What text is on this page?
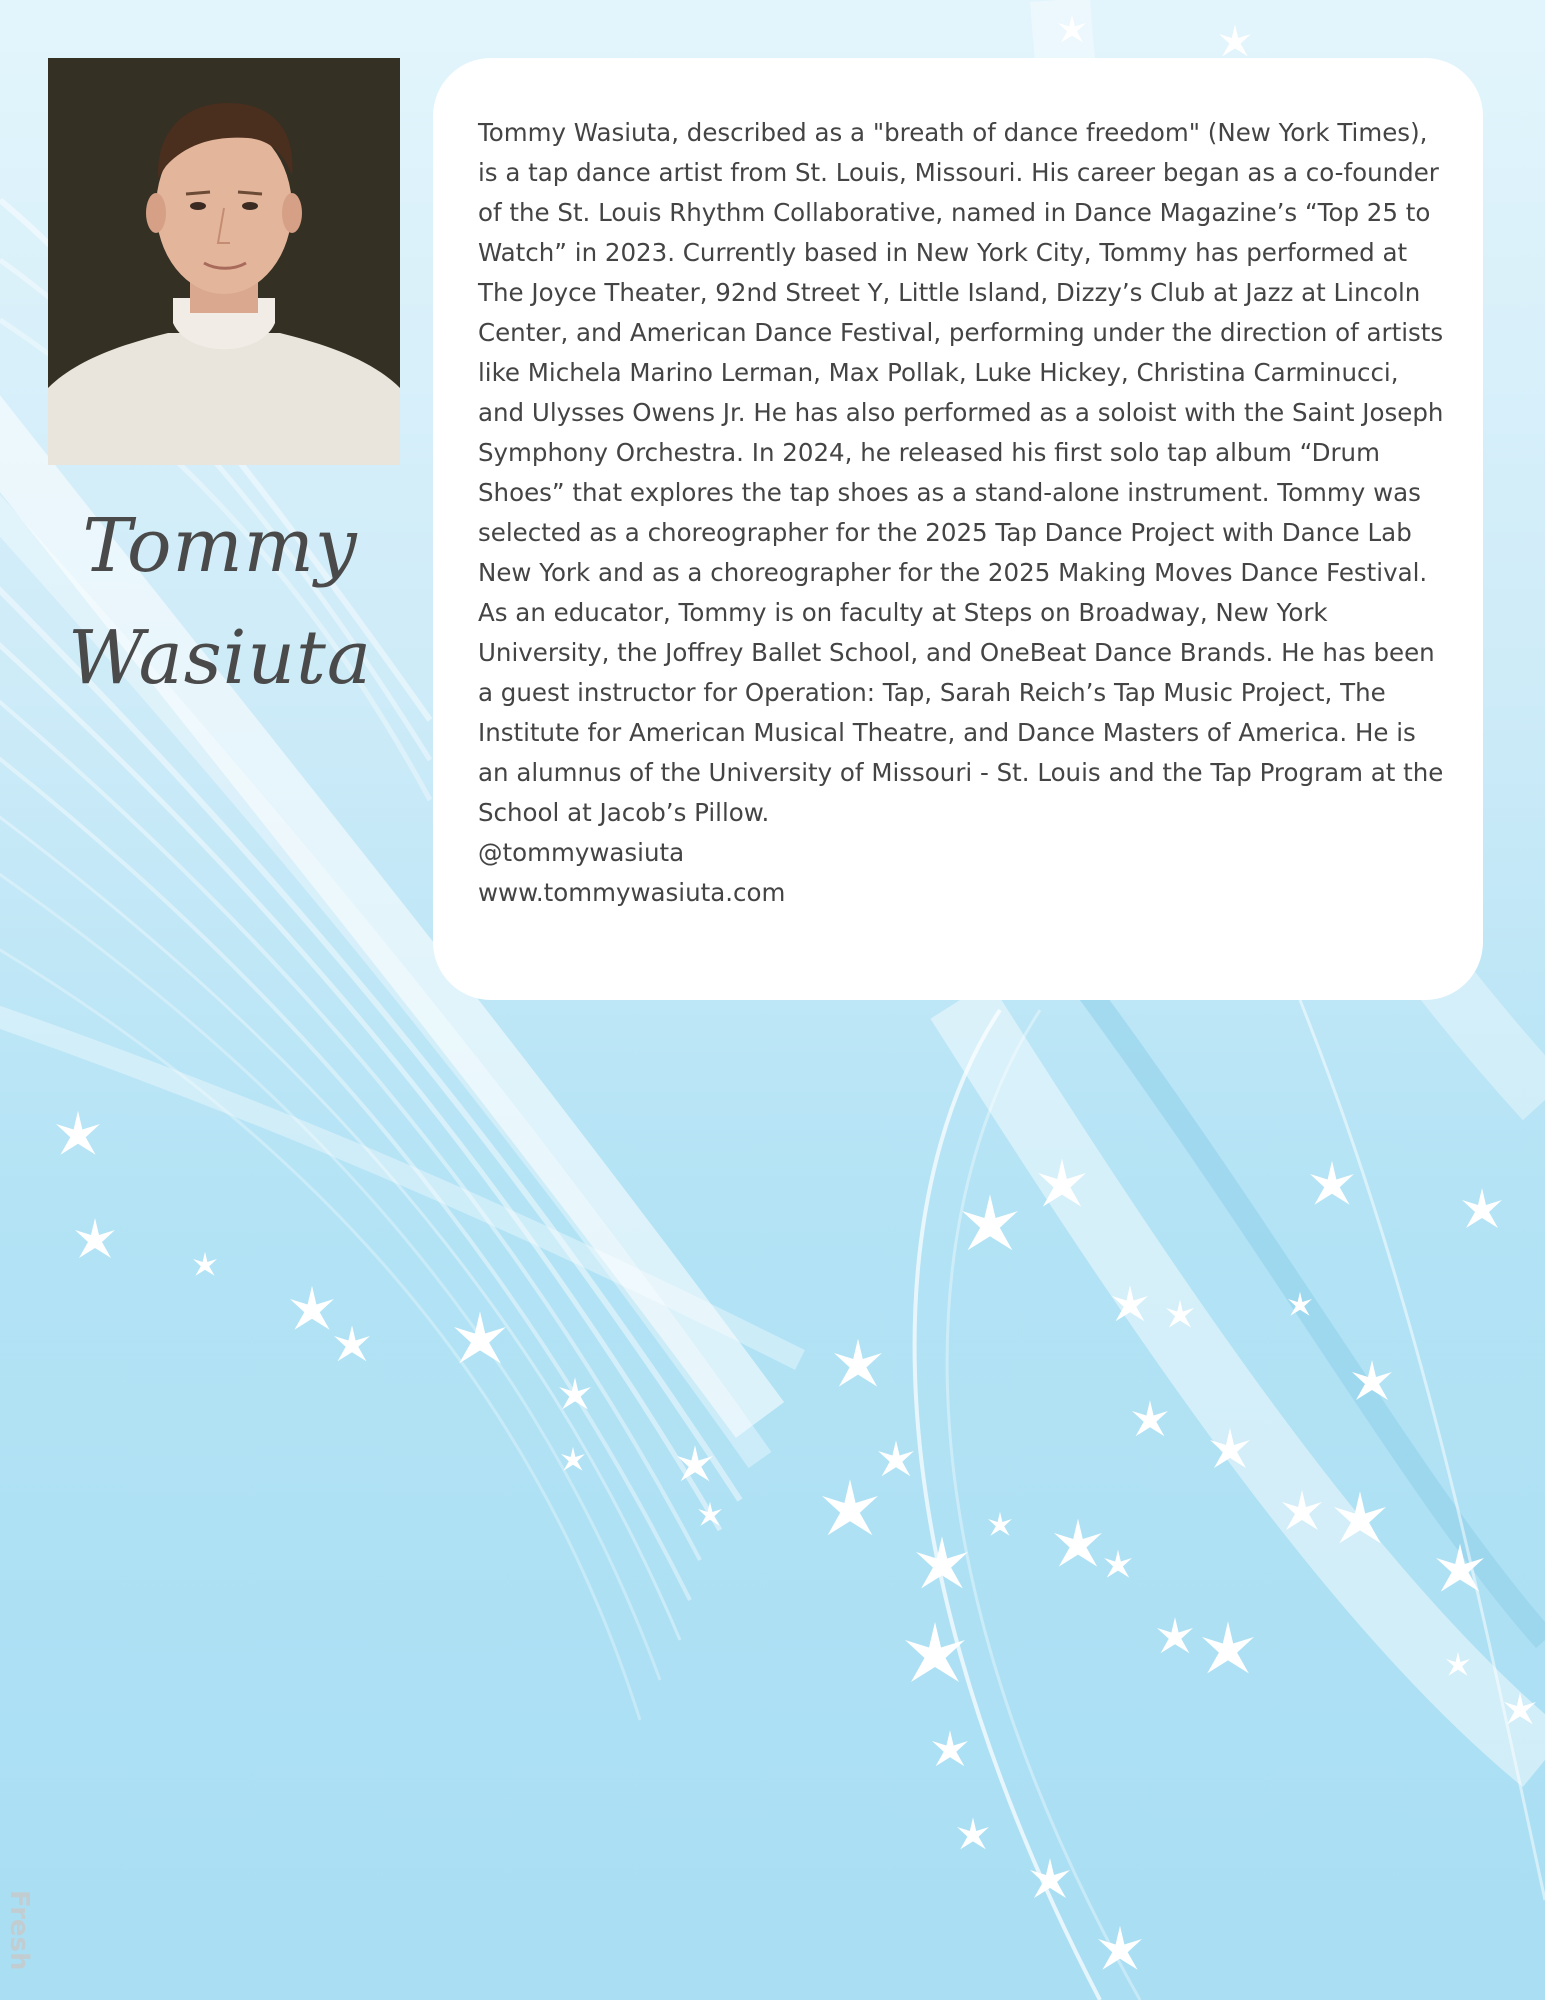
Tommy
Wasiuta

Tommy Wasiuta, described as a "breath of dance freedom" (New York Times), is a tap dance artist from St. Louis, Missouri. His career began as a co-founder of the St. Louis Rhythm Collaborative, named in Dance Magazine’s “Top 25 to Watch” in 2023. Currently based in New York City, Tommy has performed at The Joyce Theater, 92nd Street Y, Little Island, Dizzy’s Club at Jazz at Lincoln Center, and American Dance Festival, performing under the direction of artists like Michela Marino Lerman, Max Pollak, Luke Hickey, Christina Carminucci, and Ulysses Owens Jr. He has also performed as a soloist with the Saint Joseph Symphony Orchestra. In 2024, he released his first solo tap album “Drum Shoes” that explores the tap shoes as a stand-alone instrument. Tommy was selected as a choreographer for the 2025 Tap Dance Project with Dance Lab New York and as a choreographer for the 2025 Making Moves Dance Festival. As an educator, Tommy is on faculty at Steps on Broadway, New York University, the Joffrey Ballet School, and OneBeat Dance Brands. He has been a guest instructor for Operation: Tap, Sarah Reich’s Tap Music Project, The Institute for American Musical Theatre, and Dance Masters of America. He is an alumnus of the University of Missouri - St. Louis and the Tap Program at the School at Jacob’s Pillow.

@tommywasiuta
www.tommywasiuta.com
Fresh
